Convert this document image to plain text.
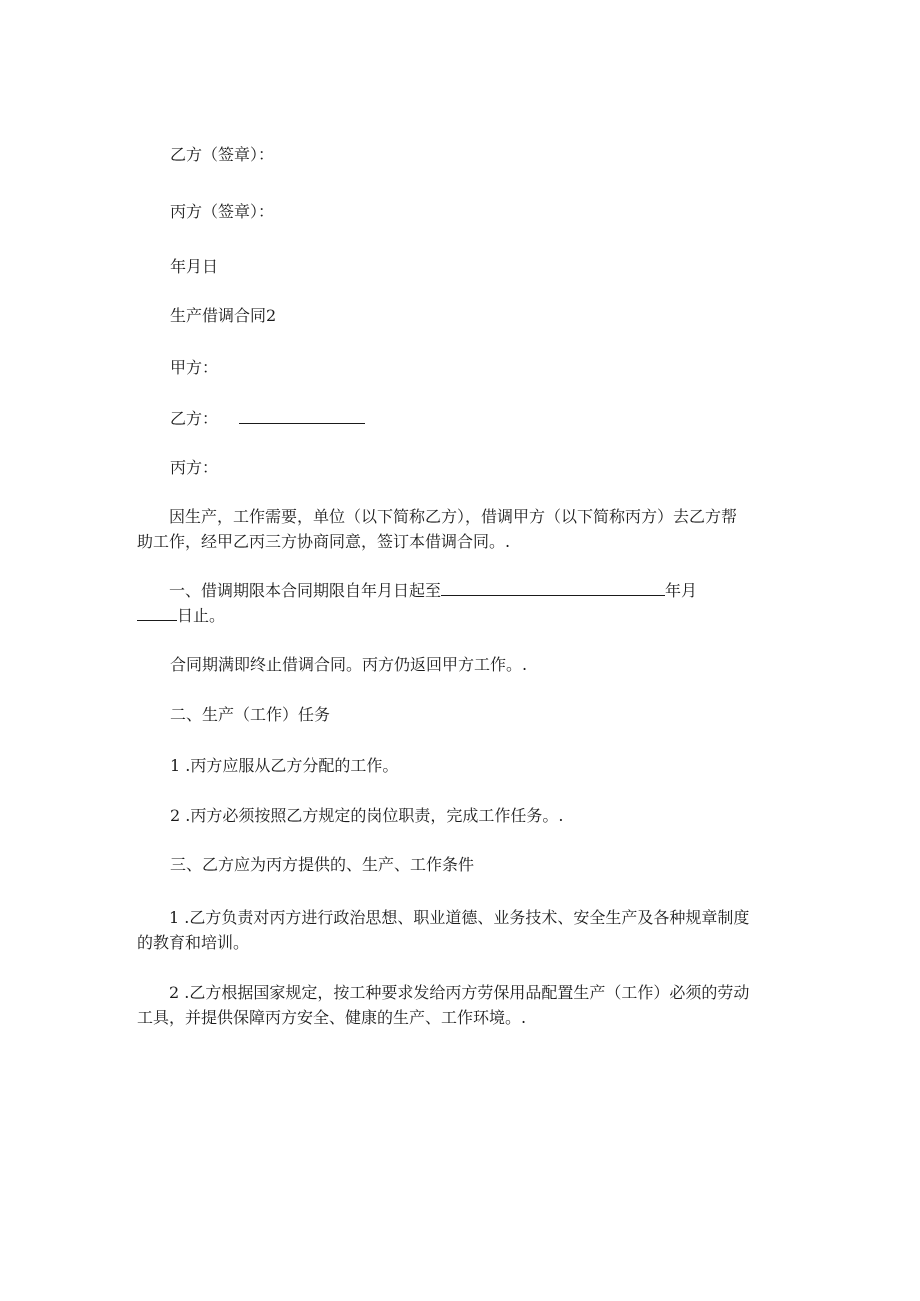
乙方（签章）：
丙方（签章）：
年月日
生产借调合同2
甲方：
乙方：
丙方：
因生产，工作需要，单位（以下简称乙方），借调甲方（以下简称丙方）去乙方帮
助工作，经甲乙丙三方协商同意，签订本借调合同。.
一、借调期限本合同期限自年月日起至	年月
日止。
合同期满即终止借调合同。丙方仍返回甲方工作。.
二、生产（工作）任务
1 .丙方应服从乙方分配的工作。
2 .丙方必须按照乙方规定的岗位职责，完成工作任务。.
三、乙方应为丙方提供的、生产、工作条件
1 .乙方负责对丙方进行政治思想、职业道德、业务技术、安全生产及各种规章制度
的教育和培训。
2 .乙方根据国家规定，按工种要求发给丙方劳保用品配置生产（工作）必须的劳动
工具，并提供保障丙方安全、健康的生产、工作环境。.
